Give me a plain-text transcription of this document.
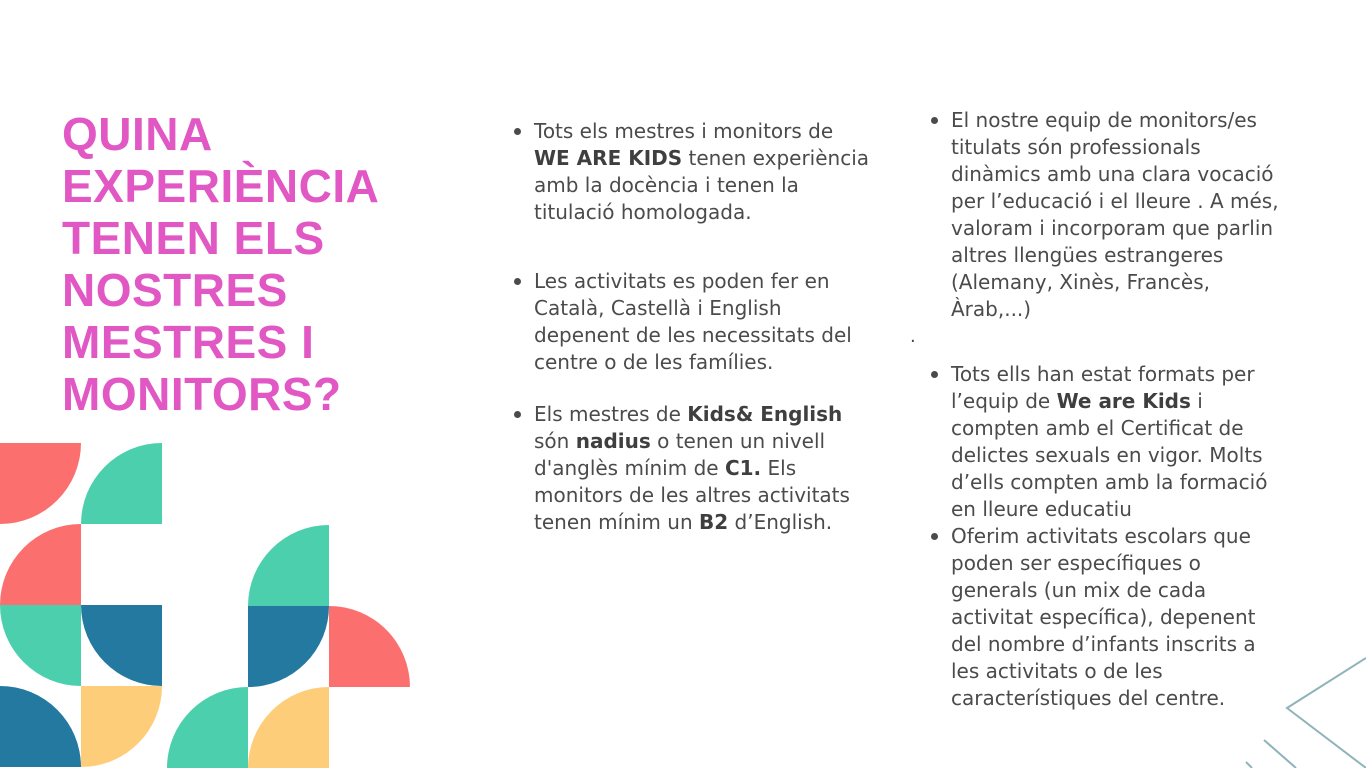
QUINA
EXPERIÈNCIA
TENEN ELS
NOSTRES
MESTRES I
MONITORS?
Tots els mestres i monitors de
WE ARE KIDS tenen experiència
amb la docència i tenen la
titulació homologada.
Les activitats es poden fer en
Català, Castellà i English
depenent de les necessitats del
centre o de les famílies.
Els mestres de Kids& English
són nadius o tenen un nivell
d'anglès mínim de C1. Els
monitors de les altres activitats
tenen mínim un B2 d’English.
.
El nostre equip de monitors/es
titulats són professionals
dinàmics amb una clara vocació
per l’educació i el lleure . A més,
valoram i incorporam que parlin
altres llengües estrangeres
(Alemany, Xinès, Francès,
Àrab,...)
Tots ells han estat formats per
l’equip de We are Kids i
compten amb el Certificat de
delictes sexuals en vigor. Molts
d’ells compten amb la formació
en lleure educatiu
Oferim activitats escolars que
poden ser específiques o
generals (un mix de cada
activitat específica), depenent
del nombre d’infants inscrits a
les activitats o de les
característiques del centre.
